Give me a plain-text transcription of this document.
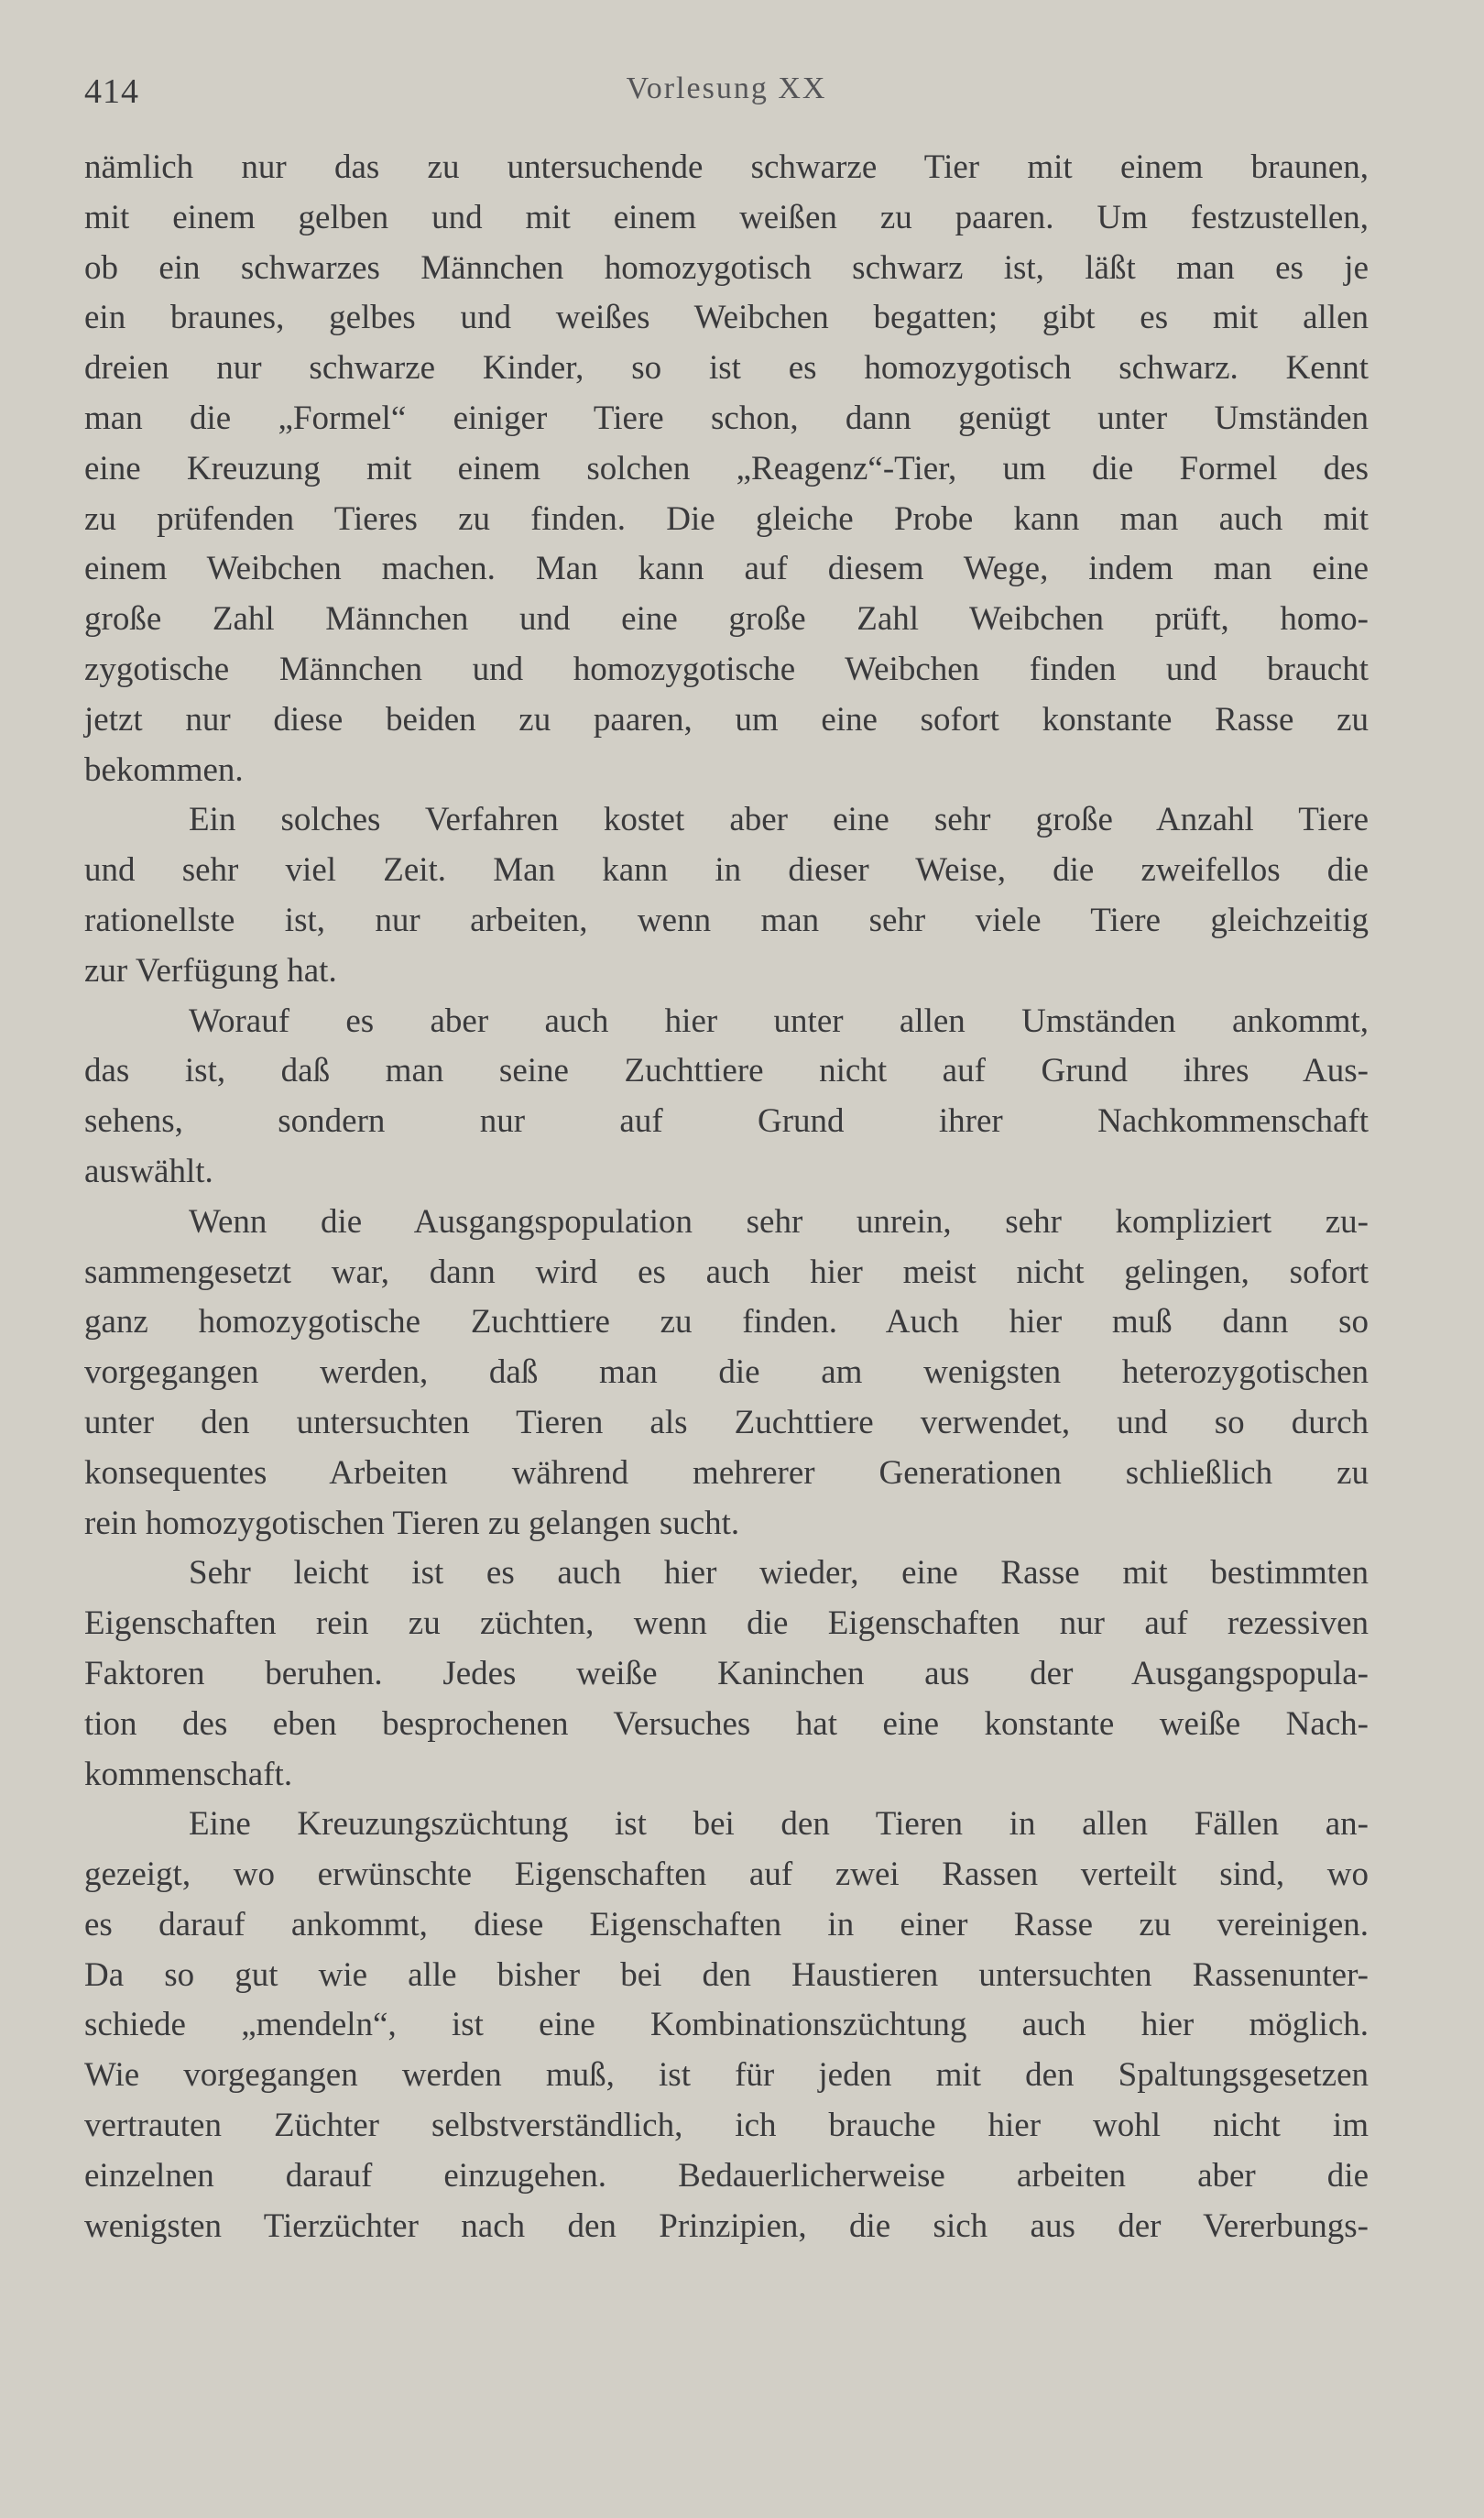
414	Vorlesung XX
nämlich nur das zu untersuchende schwarze Tier mit einem braunen,
mit einem gelben und mit einem weißen zu paaren. Um festzustellen,
ob ein schwarzes Männchen homozygotisch schwarz ist, läßt man es je
ein braunes, gelbes und weißes Weibchen begatten; gibt es mit allen
dreien nur schwarze Kinder, so ist es homozygotisch schwarz. Kennt
man die „Formel“ einiger Tiere schon, dann genügt unter Umständen
eine Kreuzung mit einem solchen „Reagenz“-Tier, um die Formel des
zu prüfenden Tieres zu finden. Die gleiche Probe kann man auch mit
einem Weibchen machen. Man kann auf diesem Wege, indem man eine
große Zahl Männchen und eine große Zahl Weibchen prüft, homo-
zygotische Männchen und homozygotische Weibchen finden und braucht
jetzt nur diese beiden zu paaren, um eine sofort konstante Rasse zu
bekommen.
Ein solches Verfahren kostet aber eine sehr große Anzahl Tiere
und sehr viel Zeit. Man kann in dieser Weise, die zweifellos die
rationellste ist, nur arbeiten, wenn man sehr viele Tiere gleichzeitig
zur Verfügung hat.
Worauf es aber auch hier unter allen Umständen ankommt,
das ist, daß man seine Zuchttiere nicht auf Grund ihres Aus-
sehens, sondern nur auf Grund ihrer Nachkommenschaft
auswählt.
Wenn die Ausgangspopulation sehr unrein, sehr kompliziert zu-
sammengesetzt war, dann wird es auch hier meist nicht gelingen, sofort
ganz homozygotische Zuchttiere zu finden. Auch hier muß dann so
vorgegangen werden, daß man die am wenigsten heterozygotischen
unter den untersuchten Tieren als Zuchttiere verwendet, und so durch
konsequentes Arbeiten während mehrerer Generationen schließlich zu
rein homozygotischen Tieren zu gelangen sucht.
Sehr leicht ist es auch hier wieder, eine Rasse mit bestimmten
Eigenschaften rein zu züchten, wenn die Eigenschaften nur auf rezessiven
Faktoren beruhen. Jedes weiße Kaninchen aus der Ausgangspopula-
tion des eben besprochenen Versuches hat eine konstante weiße Nach-
kommenschaft.
Eine Kreuzungszüchtung ist bei den Tieren in allen Fällen an-
gezeigt, wo erwünschte Eigenschaften auf zwei Rassen verteilt sind, wo
es darauf ankommt, diese Eigenschaften in einer Rasse zu vereinigen.
Da so gut wie alle bisher bei den Haustieren untersuchten Rassenunter-
schiede „mendeln“, ist eine Kombinationszüchtung auch hier möglich.
Wie vorgegangen werden muß, ist für jeden mit den Spaltungsgesetzen
vertrauten Züchter selbstverständlich, ich brauche hier wohl nicht im
einzelnen darauf einzugehen. Bedauerlicherweise arbeiten aber die
wenigsten Tierzüchter nach den Prinzipien, die sich aus der Vererbungs-
